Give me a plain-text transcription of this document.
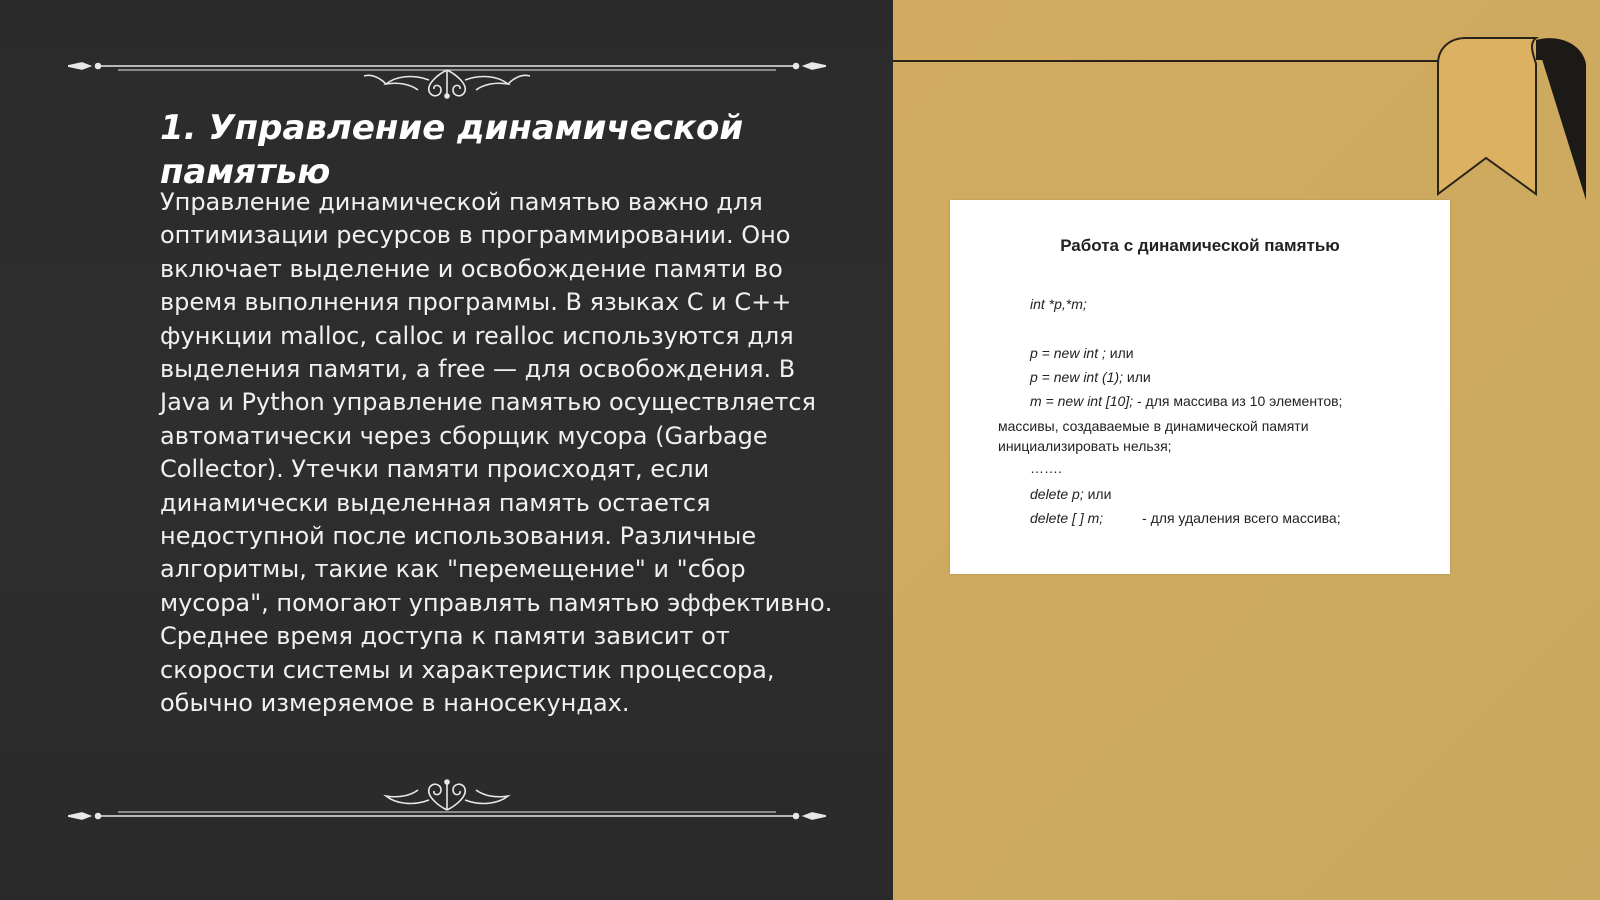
1. Управление динамической памятью

Управление динамической памятью важно для оптимизации ресурсов в программировании. Оно включает выделение и освобождение памяти во время выполнения программы. В языках C и C++ функции malloc, calloc и realloc используются для выделения памяти, а free — для освобождения. В Java и Python управление памятью осуществляется автоматически через сборщик мусора (Garbage Collector). Утечки памяти происходят, если динамически выделенная память остается недоступной после использования. Различные алгоритмы, такие как "перемещение" и "сбор мусора", помогают управлять памятью эффективно. Среднее время доступа к памяти зависит от скорости системы и характеристик процессора, обычно измеряемое в наносекундах.

Работа с динамической памятью
int *p,*m;
p = new int ; или
p = new int (1); или
m = new int [10]; - для массива из 10 элементов;
массивы, создаваемые в динамической памяти
инициализировать нельзя;
…….
delete p; или
delete [ ] m;          - для удаления всего массива;
